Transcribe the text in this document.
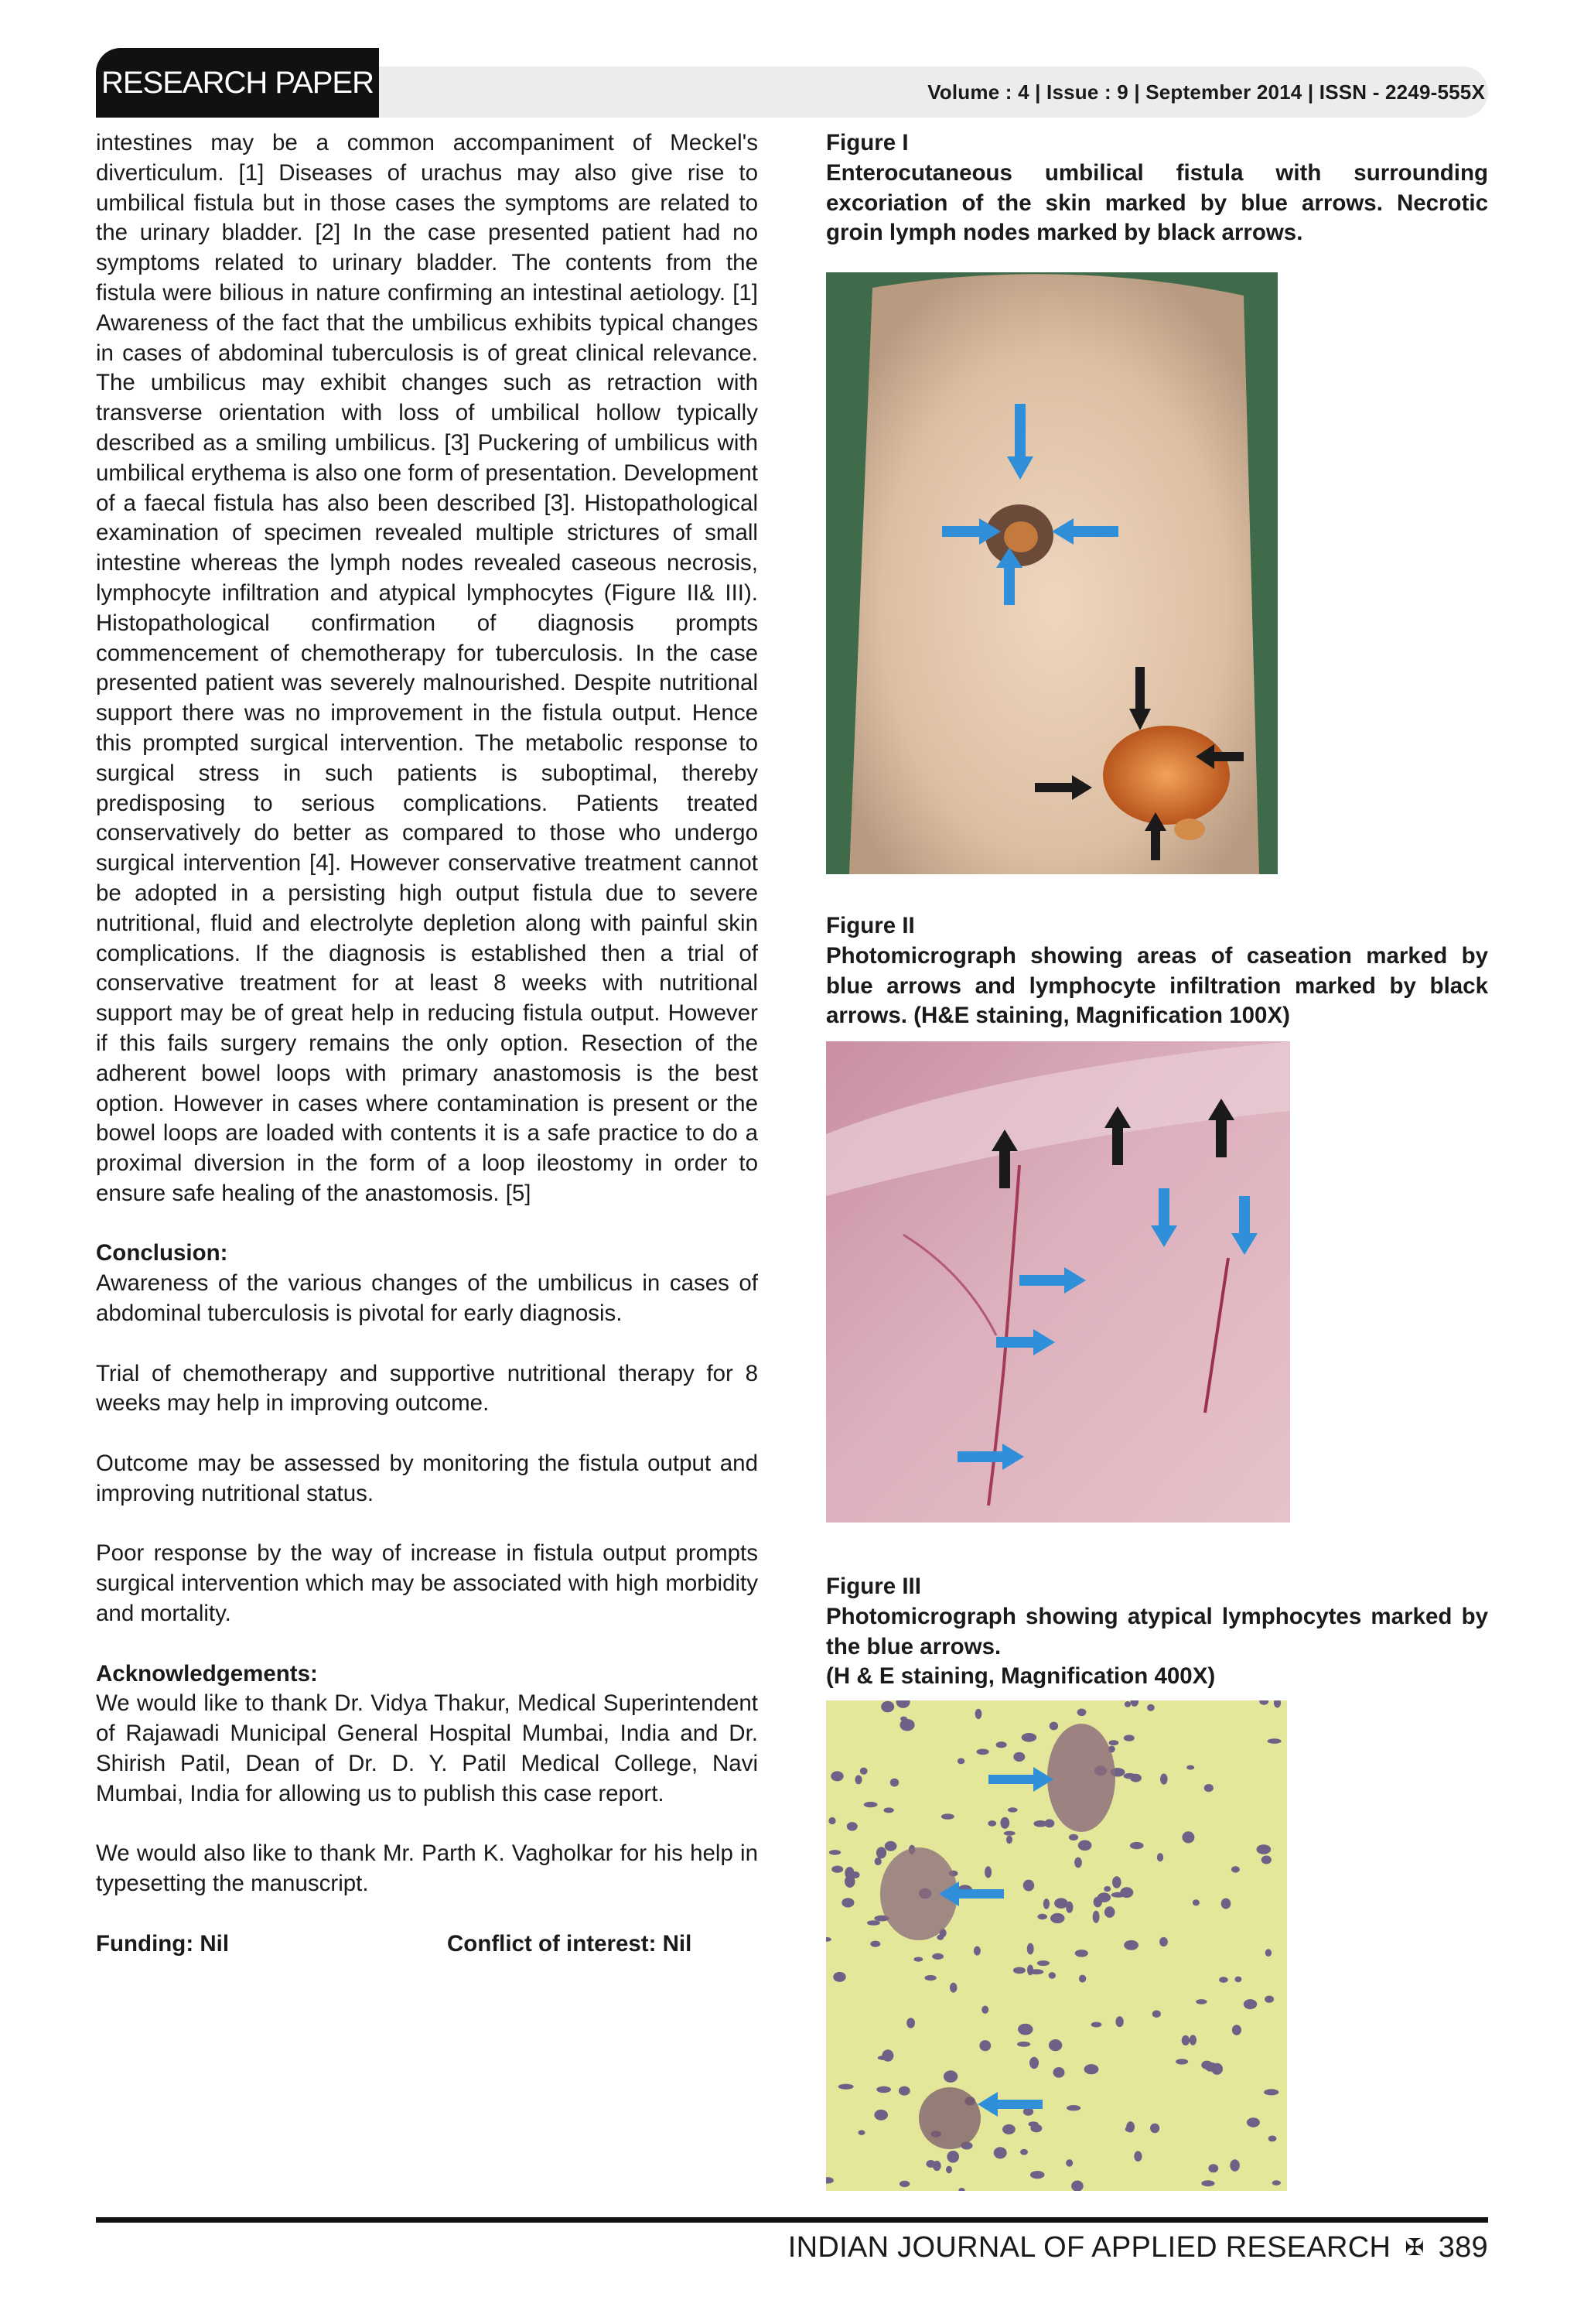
RESEARCH PAPER	Volume : 4 | Issue : 9 | September 2014 | ISSN - 2249-555X

intestines may be a common accompaniment of Meckel's diverticulum. [1] Diseases of urachus may also give rise to umbilical fistula but in those cases the symptoms are related to the urinary bladder. [2] In the case presented patient had no symptoms related to urinary bladder. The contents from the fistula were bilious in nature confirming an intestinal aetiology. [1] Awareness of the fact that the umbilicus exhibits typical changes in cases of abdominal tuberculosis is of great clinical relevance. The umbilicus may exhibit changes such as retraction with transverse orientation with loss of umbilical hollow typically described as a smiling umbilicus. [3] Puckering of umbilicus with umbilical erythema is also one form of presentation. Development of a faecal fistula has also been described [3]. Histopathological examination of specimen revealed multiple strictures of small intestine whereas the lymph nodes revealed caseous necrosis, lymphocyte infiltration and atypical lymphocytes (Figure II& III). Histopathological confirmation of diagnosis prompts commencement of chemotherapy for tuberculosis. In the case presented patient was severely malnourished. Despite nutritional support there was no improvement in the fistula output. Hence this prompted surgical intervention. The metabolic response to surgical stress in such patients is suboptimal, thereby predisposing to serious complications. Patients treated conservatively do better as compared to those who undergo surgical intervention [4]. However conservative treatment cannot be adopted in a persisting high output fistula due to severe nutritional, fluid and electrolyte depletion along with painful skin complications. If the diagnosis is established then a trial of conservative treatment for at least 8 weeks with nutritional support may be of great help in reducing fistula output. However if this fails surgery remains the only option. Resection of the adherent bowel loops with primary anastomosis is the best option. However in cases where contamination is present or the bowel loops are loaded with contents it is a safe practice to do a proximal diversion in the form of a loop ileostomy in order to ensure safe healing of the anastomosis. [5]

Conclusion:

Awareness of the various changes of the umbilicus in cases of abdominal tuberculosis is pivotal for early diagnosis.

Trial of chemotherapy and supportive nutritional therapy for 8 weeks may help in improving outcome.

Outcome may be assessed by monitoring the fistula output and improving nutritional status.

Poor response by the way of increase in fistula output prompts surgical intervention which may be associated with high morbidity and mortality.

Acknowledgements:

We would like to thank Dr. Vidya Thakur, Medical Superintendent of Rajawadi Municipal General Hospital Mumbai, India and Dr. Shirish Patil, Dean of Dr. D. Y. Patil Medical College, Navi Mumbai, India for allowing us to publish this case report.

We would also like to thank Mr. Parth K. Vagholkar for his help in typesetting the manuscript.

Funding: Nil	Conflict of interest: Nil
Figure I
Enterocutaneous umbilical fistula with surrounding excoriation of the skin marked by blue arrows. Necrotic groin lymph nodes marked by black arrows.
Figure II
Photomicrograph showing areas of caseation marked by blue arrows and lymphocyte infiltration marked by black arrows. (H&E staining, Magnification 100X)
Figure III
Photomicrograph showing atypical lymphocytes marked by the blue arrows.
(H & E staining, Magnification 400X)
INDIAN JOURNAL OF APPLIED RESEARCH ✠ 389
